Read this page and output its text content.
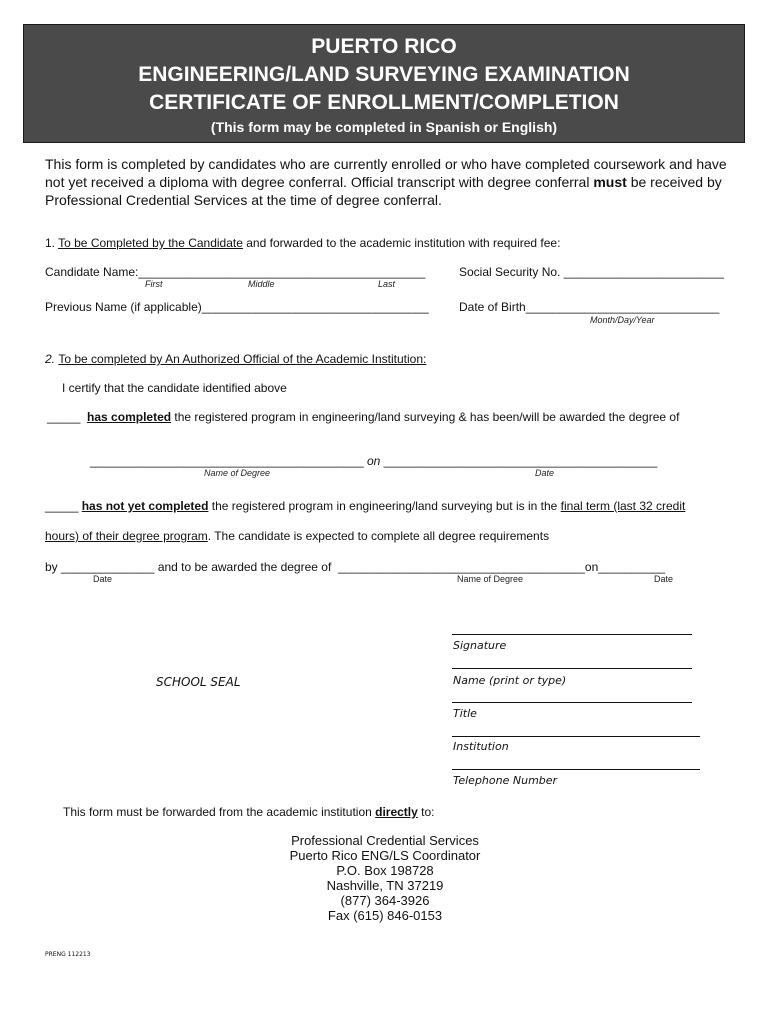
PUERTO RICO
ENGINEERING/LAND SURVEYING EXAMINATION
CERTIFICATE OF ENROLLMENT/COMPLETION
(This form may be completed in Spanish or English)
This form is completed by candidates who are currently enrolled or who have completed coursework and have not yet received a diploma with degree conferral. Official transcript with degree conferral must be received by Professional Credential Services at the time of degree conferral.
1. To be Completed by the Candidate and forwarded to the academic institution with required fee:
Candidate Name:___________________________________________
First	Middle	Last
Social Security No. ________________________
Previous Name (if applicable)__________________________________	Date of Birth_____________________________
Month/Day/Year
2. To be completed by An Authorized Official of the Academic Institution:
I certify that the candidate identified above
_____ has completed the registered program in engineering/land surveying & has been/will be awarded the degree of
_________________________________________ on _________________________________________
Name of Degree	Date
_____ has not yet completed the registered program in engineering/land surveying but is in the final term (last 32 credit
hours) of their degree program. The candidate is expected to complete all degree requirements
by ______________ and to be awarded the degree of _____________________________________on__________
Date	Name of Degree	Date
SCHOOL SEAL
Signature
Name (print or type)
Title
Institution
Telephone Number
This form must be forwarded from the academic institution directly to:
Professional Credential Services
Puerto Rico ENG/LS Coordinator
P.O. Box 198728
Nashville, TN 37219
(877) 364-3926
Fax (615) 846-0153
PRENG 112213
